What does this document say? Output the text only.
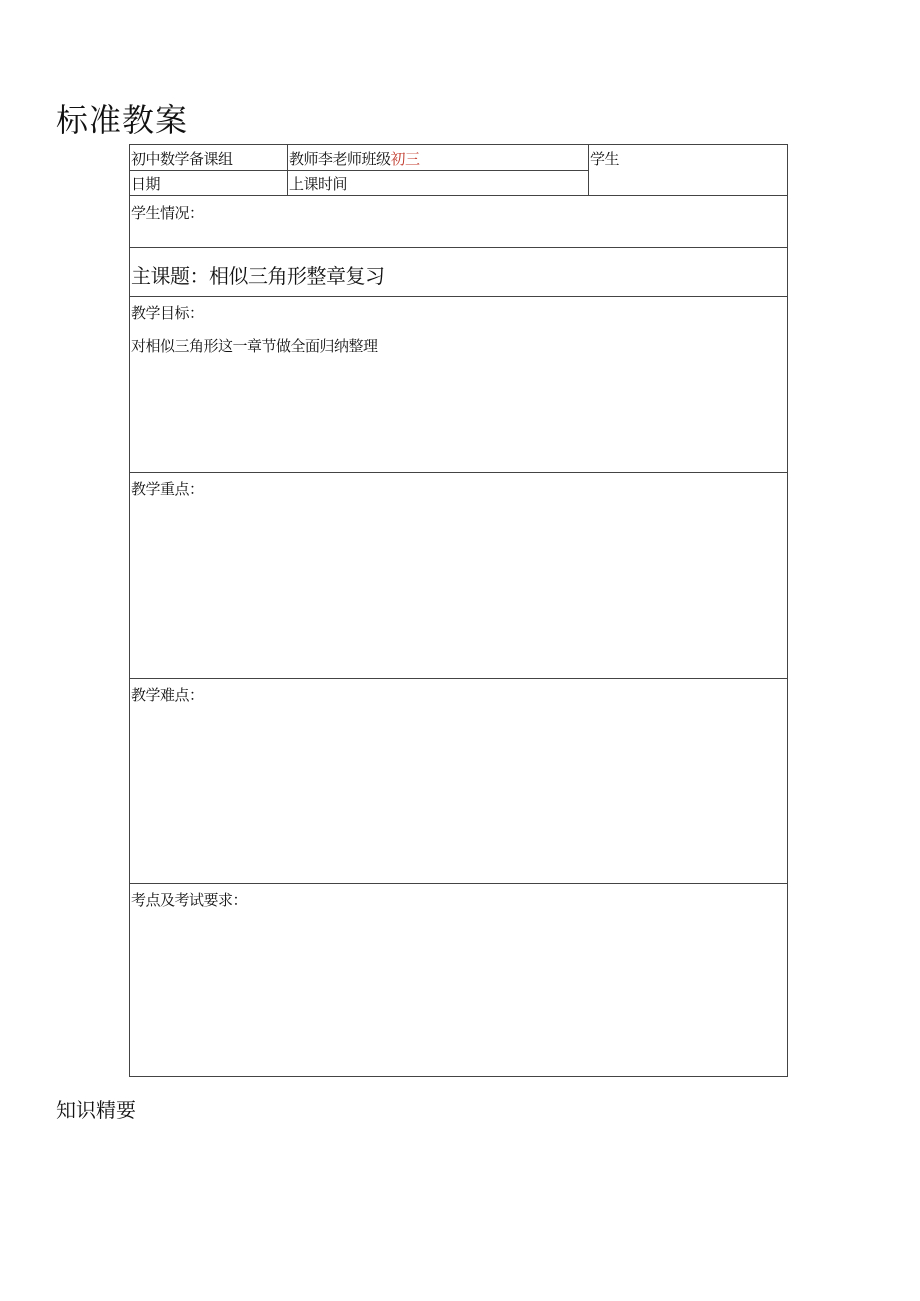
标准教案
初中数学备课组	教师李老师班级初三	学生
日期	上课时间
学生情况：
主课题：相似三角形整章复习
教学目标：
对相似三角形这一章节做全面归纳整理
教学重点：
教学难点：
考点及考试要求：
知识精要
